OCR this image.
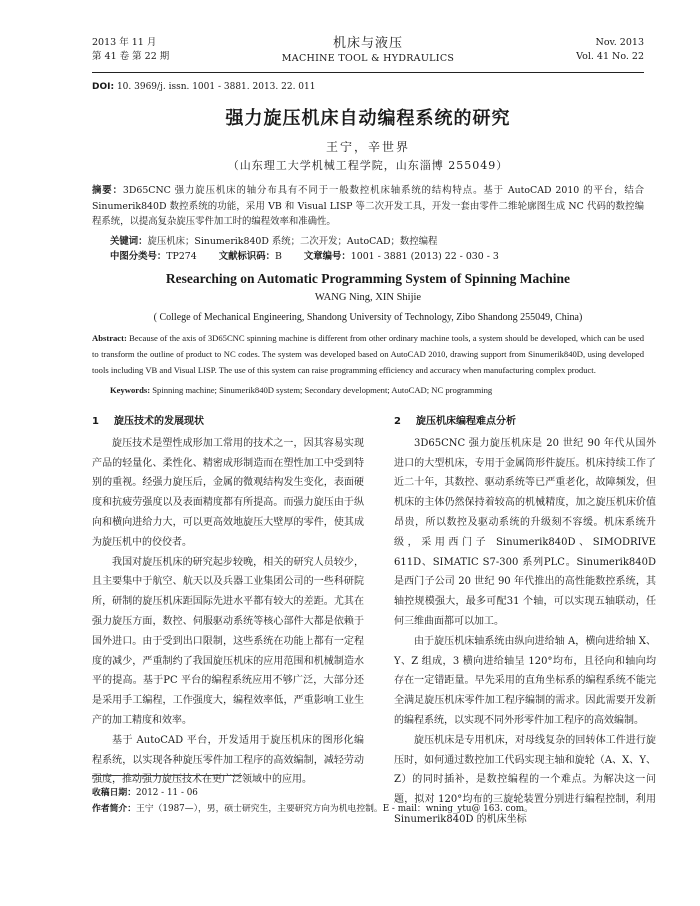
2013 年 11 月
第 41 卷 第 22 期
机床与液压
MACHINE TOOL & HYDRAULICS
Nov. 2013
Vol. 41 No. 22
DOI: 10. 3969/j. issn. 1001 - 3881. 2013. 22. 011
强力旋压机床自动编程系统的研究
王宁，辛世界
（山东理工大学机械工程学院，山东淄博 255049）
摘要：3D65CNC 强力旋压机床的轴分布具有不同于一般数控机床轴系统的结构特点。基于 AutoCAD 2010 的平台，结合 Sinumerik840D 数控系统的功能，采用 VB 和 Visual LISP 等二次开发工具，开发一套由零件二维轮廓图生成 NC 代码的数控编程系统，以提高复杂旋压零件加工时的编程效率和准确性。
关键词：旋压机床；Sinumerik840D 系统；二次开发；AutoCAD；数控编程
中图分类号：TP274 文献标识码：B 文章编号：1001 - 3881 (2013) 22 - 030 - 3
Researching on Automatic Programming System of Spinning Machine
WANG Ning, XIN Shijie
( College of Mechanical Engineering, Shandong University of Technology, Zibo Shandong 255049, China)
Abstract: Because of the axis of 3D65CNC spinning machine is different from other ordinary machine tools, a system should be developed, which can be used to transform the outline of product to NC codes. The system was developed based on AutoCAD 2010, drawing support from Sinumerik840D, using developed tools including VB and Visual LISP. The use of this system can raise programming efficiency and accuracy when manufacturing complex product.
Keywords: Spinning machine; Sinumerik840D system; Secondary development; AutoCAD; NC programming
1 旋压技术的发展现状

旋压技术是塑性成形加工常用的技术之一，因其容易实现产品的轻量化、柔性化、精密成形制造而在塑性加工中受到特别的重视。经强力旋压后，金属的微观结构发生变化，表面硬度和抗疲劳强度以及表面精度都有所提高。而强力旋压由于纵向和横向进给力大，可以更高效地旋压大壁厚的零件，使其成为旋压机中的佼佼者。

我国对旋压机床的研究起步较晚，相关的研究人员较少，且主要集中于航空、航天以及兵器工业集团公司的一些科研院所，研制的旋压机床距国际先进水平都有较大的差距。尤其在强力旋压方面，数控、伺服驱动系统等核心部件大都是依赖于国外进口。由于受到出口限制，这些系统在功能上都有一定程度的减少，严重制约了我国旋压机床的应用范围和机械制造水平的提高。基于PC 平台的编程系统应用不够广泛，大部分还是采用手工编程，工作强度大，编程效率低，严重影响工业生产的加工精度和效率。

基于 AutoCAD 平台，开发适用于旋压机床的图形化编程系统，以实现各种旋压零件加工程序的高效编制，减轻劳动强度，推动强力旋压技术在更广泛领域中的应用。

2 旋压机床编程难点分析

3D65CNC 强力旋压机床是 20 世纪 90 年代从国外进口的大型机床，专用于金属筒形件旋压。机床持续工作了近二十年，其数控、驱动系统等已严重老化，故障频发，但机床的主体仍然保持着较高的机械精度，加之旋压机床价值昂贵，所以数控及驱动系统的升级刻不容缓。机床系统升级，采用西门子 Sinumerik840D、SIMODRIVE 611D、SIMATIC S7-300 系列PLC。Sinumerik840D 是西门子公司 20 世纪 90 年代推出的高性能数控系统，其轴控规模强大，最多可配31 个轴，可以实现五轴联动，任何三维曲面都可以加工。

由于旋压机床轴系统由纵向进给轴 A，横向进给轴 X、Y、Z 组成，3 横向进给轴呈 120°均布，且径向和轴向均存在一定错距量。早先采用的直角坐标系的编程系统不能完全满足旋压机床零件加工程序编制的需求。因此需要开发新的编程系统，以实现不同外形零件加工程序的高效编制。

旋压机床是专用机床，对母线复杂的回转体工件进行旋压时，如何通过数控加工代码实现主轴和旋轮（A、X、Y、Z）的同时插补，是数控编程的一个难点。为解决这一问题，拟对 120°均布的三旋轮装置分别进行编程控制，利用 Sinumerik840D 的机床坐标

收稿日期：2012 - 11 - 06
作者简介：王宁（1987—），男，硕士研究生，主要研究方向为机电控制。E - mail：wning_ytu@ 163. com。
